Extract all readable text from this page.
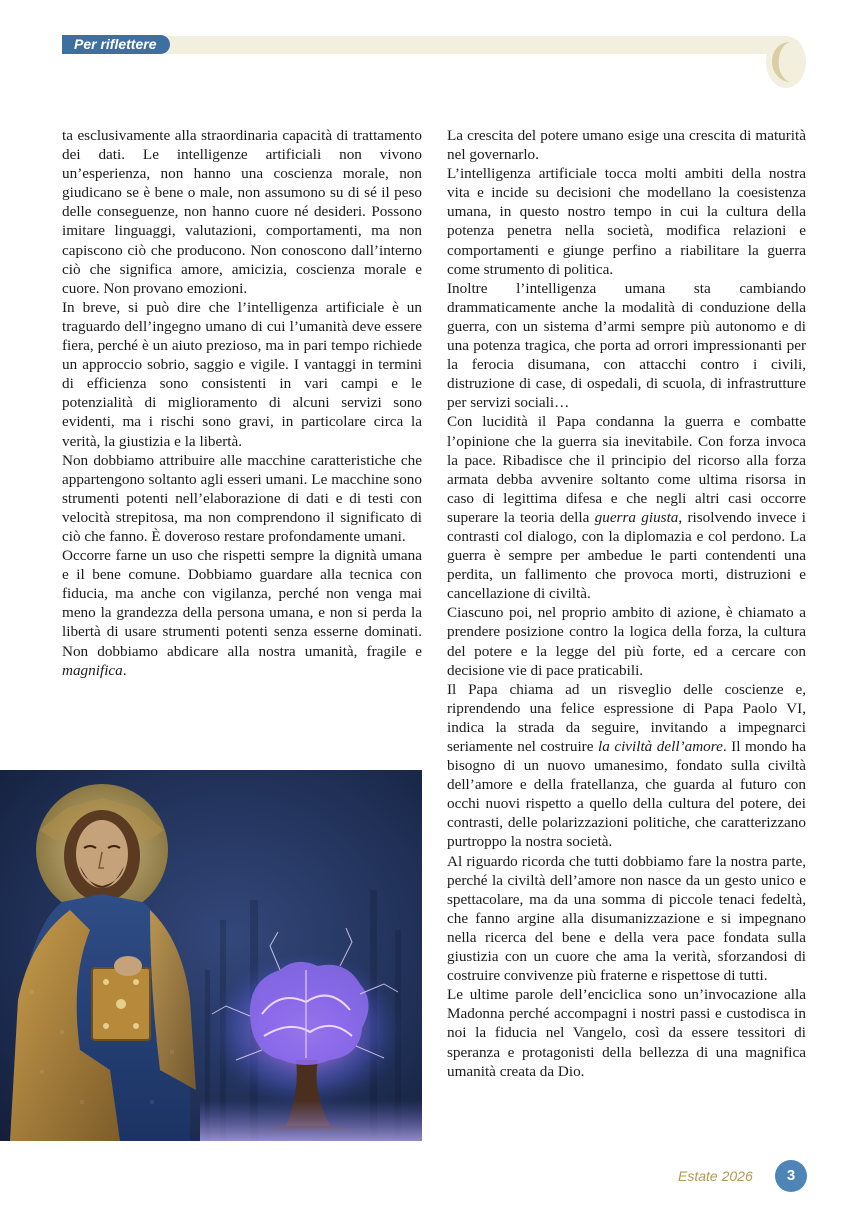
Per riflettere

ta esclusivamente alla straordinaria capacità di trattamento dei dati. Le intelligenze artificiali non vivono un’esperienza, non hanno una coscienza morale, non giudicano se è bene o male, non assumono su di sé il peso delle conseguenze, non hanno cuore né desideri. Possono imitare linguaggi, valutazioni, comportamenti, ma non capiscono ciò che producono. Non conoscono dall’interno ciò che significa amore, amicizia, coscienza morale e cuore. Non provano emozioni.

In breve, si può dire che l’intelligenza artificiale è un traguardo dell’ingegno umano di cui l’umanità deve essere fiera, perché è un aiuto prezioso, ma in pari tempo richiede un approccio sobrio, saggio e vigile. I vantaggi in termini di efficienza sono consistenti in vari campi e le potenzialità di miglioramento di alcuni servizi sono evidenti, ma i rischi sono gravi, in particolare circa la verità, la giustizia e la libertà.

Non dobbiamo attribuire alle macchine caratteristiche che appartengono soltanto agli esseri umani. Le macchine sono strumenti potenti nell’elaborazione di dati e di testi con velocità strepitosa, ma non comprendono il significato di ciò che fanno. È doveroso restare profondamente umani.

Occorre farne un uso che rispetti sempre la dignità umana e il bene comune. Dobbiamo guardare alla tecnica con fiducia, ma anche con vigilanza, perché non venga mai meno la grandezza della persona umana, e non si perda la libertà di usare strumenti potenti senza esserne dominati. Non dobbiamo abdicare alla nostra umanità, fragile e magnifica.

La crescita del potere umano esige una crescita di maturità nel governarlo.

L’intelligenza artificiale tocca molti ambiti della nostra vita e incide su decisioni che modellano la coesistenza umana, in questo nostro tempo in cui la cultura della potenza penetra nella società, modifica relazioni e comportamenti e giunge perfino a riabilitare la guerra come strumento di politica.

Inoltre l’intelligenza umana sta cambiando drammaticamente anche la modalità di conduzione della guerra, con un sistema d’armi sempre più autonomo e di una potenza tragica, che porta ad orrori impressionanti per la ferocia disumana, con attacchi contro i civili, distruzione di case, di ospedali, di scuola, di infrastrutture per servizi sociali…

Con lucidità il Papa condanna la guerra e combatte l’opinione che la guerra sia inevitabile. Con forza invoca la pace. Ribadisce che il principio del ricorso alla forza armata debba avvenire soltanto come ultima risorsa in caso di legittima difesa e che negli altri casi occorre superare la teoria della guerra giusta, risolvendo invece i contrasti col dialogo, con la diplomazia e col perdono. La guerra è sempre per ambedue le parti contendenti una perdita, un fallimento che provoca morti, distruzioni e cancellazione di civiltà.

Ciascuno poi, nel proprio ambito di azione, è chiamato a prendere posizione contro la logica della forza, la cultura del potere e la legge del più forte, ed a cercare con decisione vie di pace praticabili.

Il Papa chiama ad un risveglio delle coscienze e, riprendendo una felice espressione di Papa Paolo VI, indica la strada da seguire, invitando a impegnarci seriamente nel costruire la civiltà dell’amore. Il mondo ha bisogno di un nuovo umanesimo, fondato sulla civiltà dell’amore e della fratellanza, che guarda al futuro con occhi nuovi rispetto a quello della cultura del potere, dei contrasti, delle polarizzazioni politiche, che caratterizzano purtroppo la nostra società.

Al riguardo ricorda che tutti dobbiamo fare la nostra parte, perché la civiltà dell’amore non nasce da un gesto unico e spettacolare, ma da una somma di piccole tenaci fedeltà, che fanno argine alla disumanizzazione e si impegnano nella ricerca del bene e della vera pace fondata sulla giustizia con un cuore che ama la verità, sforzandosi di costruire convivenze più fraterne e rispettose di tutti.

Le ultime parole dell’enciclica sono un’invocazione alla Madonna perché accompagni i nostri passi e custodisca in noi la fiducia nel Vangelo, così da essere tessitori di speranza e protagonisti della bellezza di una magnifica umanità creata da Dio.

Estate 2026	3
